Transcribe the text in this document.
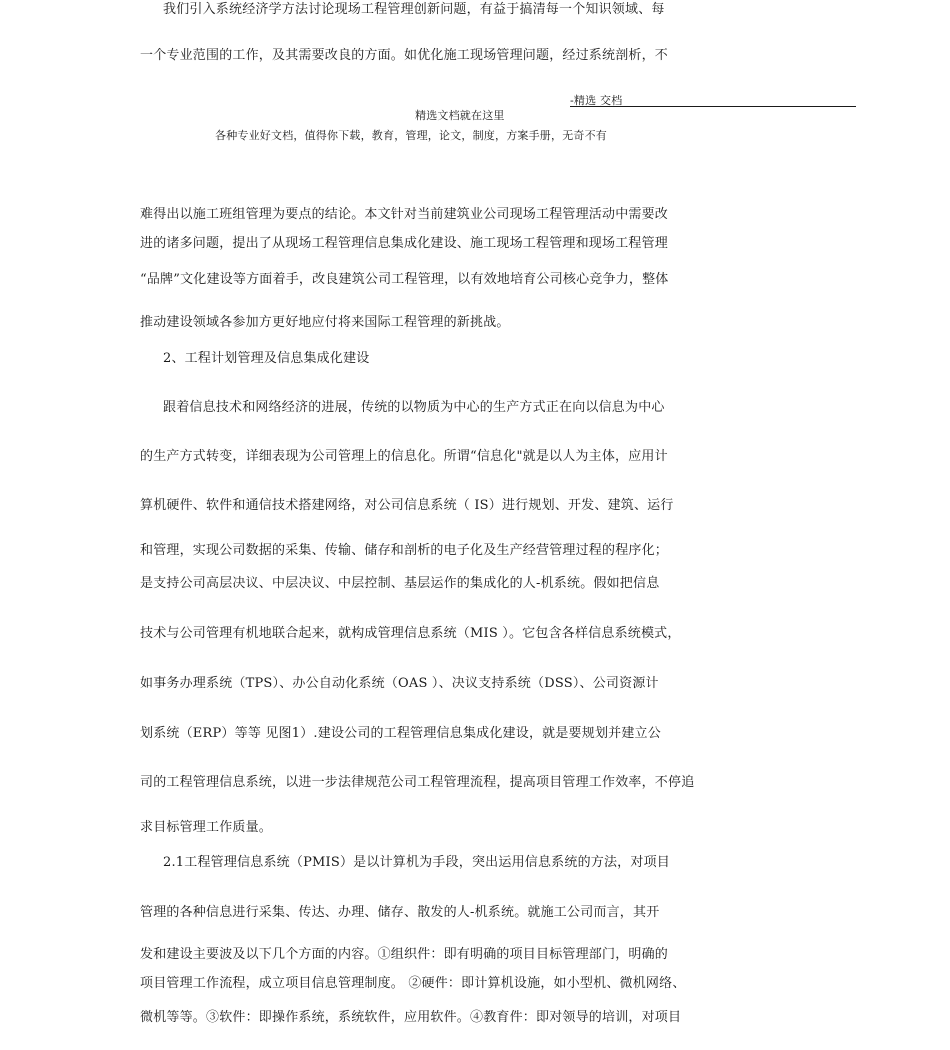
我们引入系统经济学方法讨论现场工程管理创新问题，有益于搞清每一个知识领域、每
一个专业范围的工作，及其需要改良的方面。如优化施工现场管理问题，经过系统剖析，不
-精选 交档
精选文档就在这里
各种专业好文档，值得你下载，教育，管理，论文，制度，方案手册，无奇不有
难得出以施工班组管理为要点的结论。本文针对当前建筑业公司现场工程管理活动中需要改
进的诸多问题，提出了从现场工程管理信息集成化建设、施工现场工程管理和现场工程管理
“品牌”文化建设等方面着手，改良建筑公司工程管理，以有效地培育公司核心竞争力，整体
推动建设领域各参加方更好地应付将来国际工程管理的新挑战。
2、工程计划管理及信息集成化建设
跟着信息技术和网络经济的进展，传统的以物质为中心的生产方式正在向以信息为中心
的生产方式转变，详细表现为公司管理上的信息化。所谓“信息化"就是以人为主体，应用计
算机硬件、软件和通信技术搭建网络，对公司信息系统（ IS）进行规划、开发、建筑、运行
和管理，实现公司数据的采集、传输、储存和剖析的电子化及生产经营管理过程的程序化；
是支持公司高层决议、中层决议、中层控制、基层运作的集成化的人-机系统。假如把信息
技术与公司管理有机地联合起来，就构成管理信息系统（MIS ）。它包含各样信息系统模式，
如事务办理系统（TPS）、办公自动化系统（OAS ）、决议支持系统（DSS）、公司资源计
划系统（ERP）等等 见图1）.建设公司的工程管理信息集成化建设，就是要规划并建立公
司的工程管理信息系统，以进一步法律规范公司工程管理流程，提高项目管理工作效率，不停追
求目标管理工作质量。
2.1工程管理信息系统（PMIS）是以计算机为手段，突出运用信息系统的方法，对项目
管理的各种信息进行采集、传达、办理、储存、散发的人-机系统。就施工公司而言，其开
发和建设主要波及以下几个方面的内容。①组织件：即有明确的项目目标管理部门，明确的
项目管理工作流程，成立项目信息管理制度。 ②硬件：即计算机设施，如小型机、微机网络、
微机等等。③软件：即操作系统，系统软件，应用软件。④教育件：即对领导的培训，对项目
